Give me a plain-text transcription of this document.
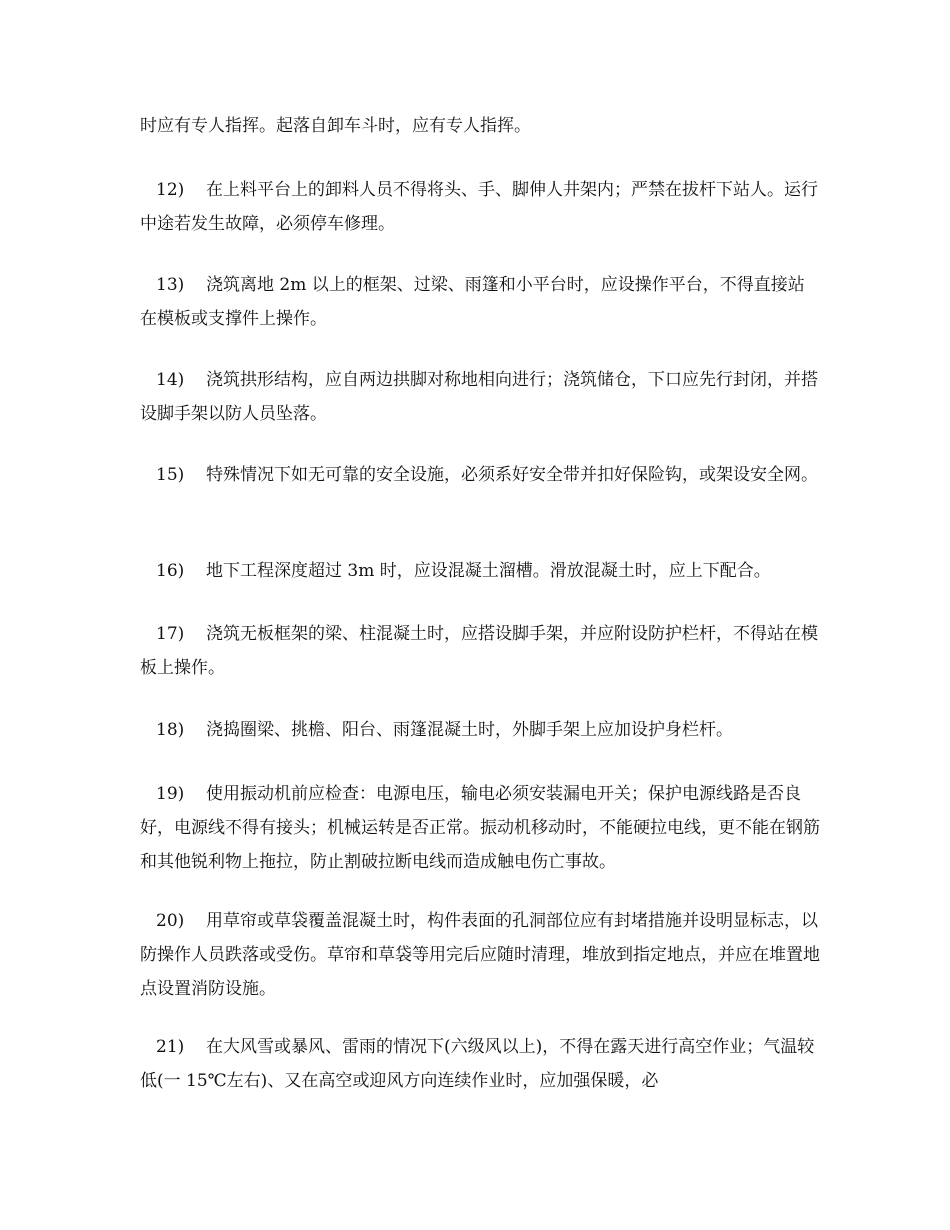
时应有专人指挥。起落自卸车斗时，应有专人指挥。

12) 在上料平台上的卸料人员不得将头、手、脚伸人井架内；严禁在拔杆下站人。运行中途若发生故障，必须停车修理。

13) 浇筑离地 2m 以上的框架、过梁、雨篷和小平台时，应设操作平台，不得直接站在模板或支撑件上操作。

14) 浇筑拱形结构，应自两边拱脚对称地相向进行；浇筑储仓，下口应先行封闭，并搭设脚手架以防人员坠落。

15) 特殊情况下如无可靠的安全设施，必须系好安全带并扣好保险钩，或架设安全网。

16) 地下工程深度超过 3m 时，应设混凝土溜槽。滑放混凝土时，应上下配合。

17) 浇筑无板框架的梁、柱混凝土时，应搭设脚手架，并应附设防护栏杆，不得站在模板上操作。

18) 浇捣圈梁、挑檐、阳台、雨篷混凝土时，外脚手架上应加设护身栏杆。

19) 使用振动机前应检查：电源电压，输电必须安装漏电开关；保护电源线路是否良好，电源线不得有接头；机械运转是否正常。振动机移动时，不能硬拉电线，更不能在钢筋和其他锐利物上拖拉，防止割破拉断电线而造成触电伤亡事故。

20) 用草帘或草袋覆盖混凝土时，构件表面的孔洞部位应有封堵措施并设明显标志，以防操作人员跌落或受伤。草帘和草袋等用完后应随时清理，堆放到指定地点，并应在堆置地点设置消防设施。

21) 在大风雪或暴风、雷雨的情况下(六级风以上)，不得在露天进行高空作业；气温较低(一 15℃左右)、又在高空或迎风方向连续作业时，应加强保暖，必
